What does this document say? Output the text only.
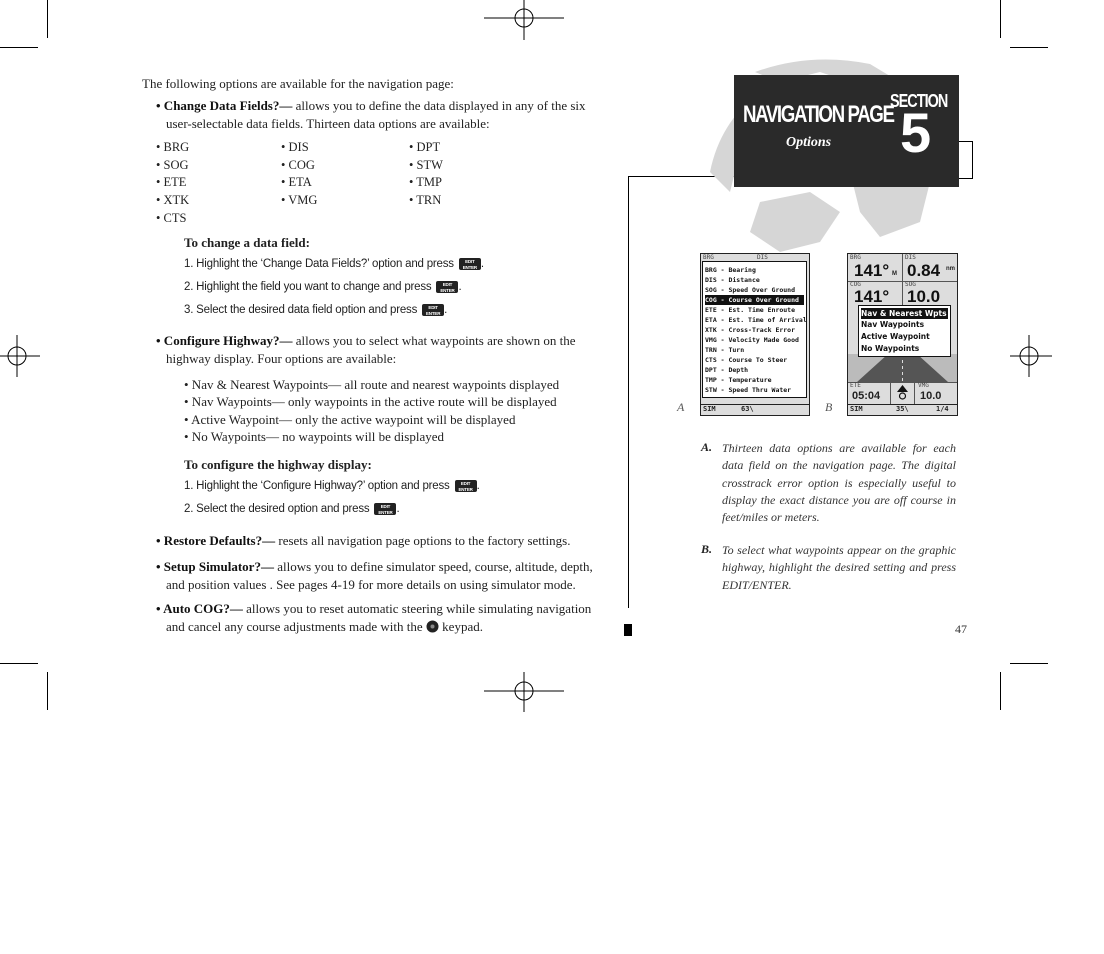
The following options are available for the navigation page:

• Change Data Fields?— allows you to define the data displayed in any of the six

user-selectable data fields. Thirteen data options are available:

• BRG	• DIS	• DPT
• SOG	• COG	• STW
• ETE	• ETA	• TMP
• XTK	• VMG	• TRN
• CTS

To change a data field:

1. Highlight the ‘Change Data Fields?’ option and press	EDIT
ENTER .
2. Highlight the field you want to change and press	EDIT
ENTER .
3. Select the desired data field option and press	EDIT
ENTER .

• Configure Highway?— allows you to select what waypoints are shown on the

highway display. Four options are available:

• Nav & Nearest Waypoints— all route and nearest waypoints displayed

• Nav Waypoints— only waypoints in the active route will be displayed

• Active Waypoint— only the active waypoint will be displayed

• No Waypoints— no waypoints will be displayed

To configure the highway display:

1. Highlight the ‘Configure Highway?’ option and press	EDIT
ENTER .
2. Select the desired option and press	EDIT
ENTER .

• Restore Defaults?— resets all navigation page options to the factory settings.

• Setup Simulator?— allows you to define simulator speed, course, altitude, depth,

and position values . See pages 4-19 for more details on using simulator mode.

• Auto COG?— allows you to reset automatic steering while simulating navigation

and cancel any course adjustments made with the  keypad.

NAVIGATION PAGE
Options
SECTION
5
A
BRG	DIS
BRG - Bearing
DIS - Distance
SOG - Speed Over Ground
COG - Course Over Ground
ETE - Est. Time Enroute
ETA - Est. Time of Arrival
XTK - Cross-Track Error
VMG - Velocity Made Good
TRN - Turn
CTS - Course To Steer
DPT - Depth
TMP - Temperature
STW - Speed Thru Water
SIM	63\	B
BRG	DIS
141° M 0.84 nm
COG	SOG
141° 10.0
Nav & Nearest Wpts
Nav Waypoints
Active Waypoint
No Waypoints
ETE	VMG
05:04	10.0
SIM	35\	1/4
A. Thirteen data options are available for each data field on the navigation page. The digital crosstrack error option is especially useful to display the exact distance you are off course in feet/miles or meters.

B. To select what waypoints appear on the graphic highway, highlight the desired setting and press EDIT/ENTER.

47
